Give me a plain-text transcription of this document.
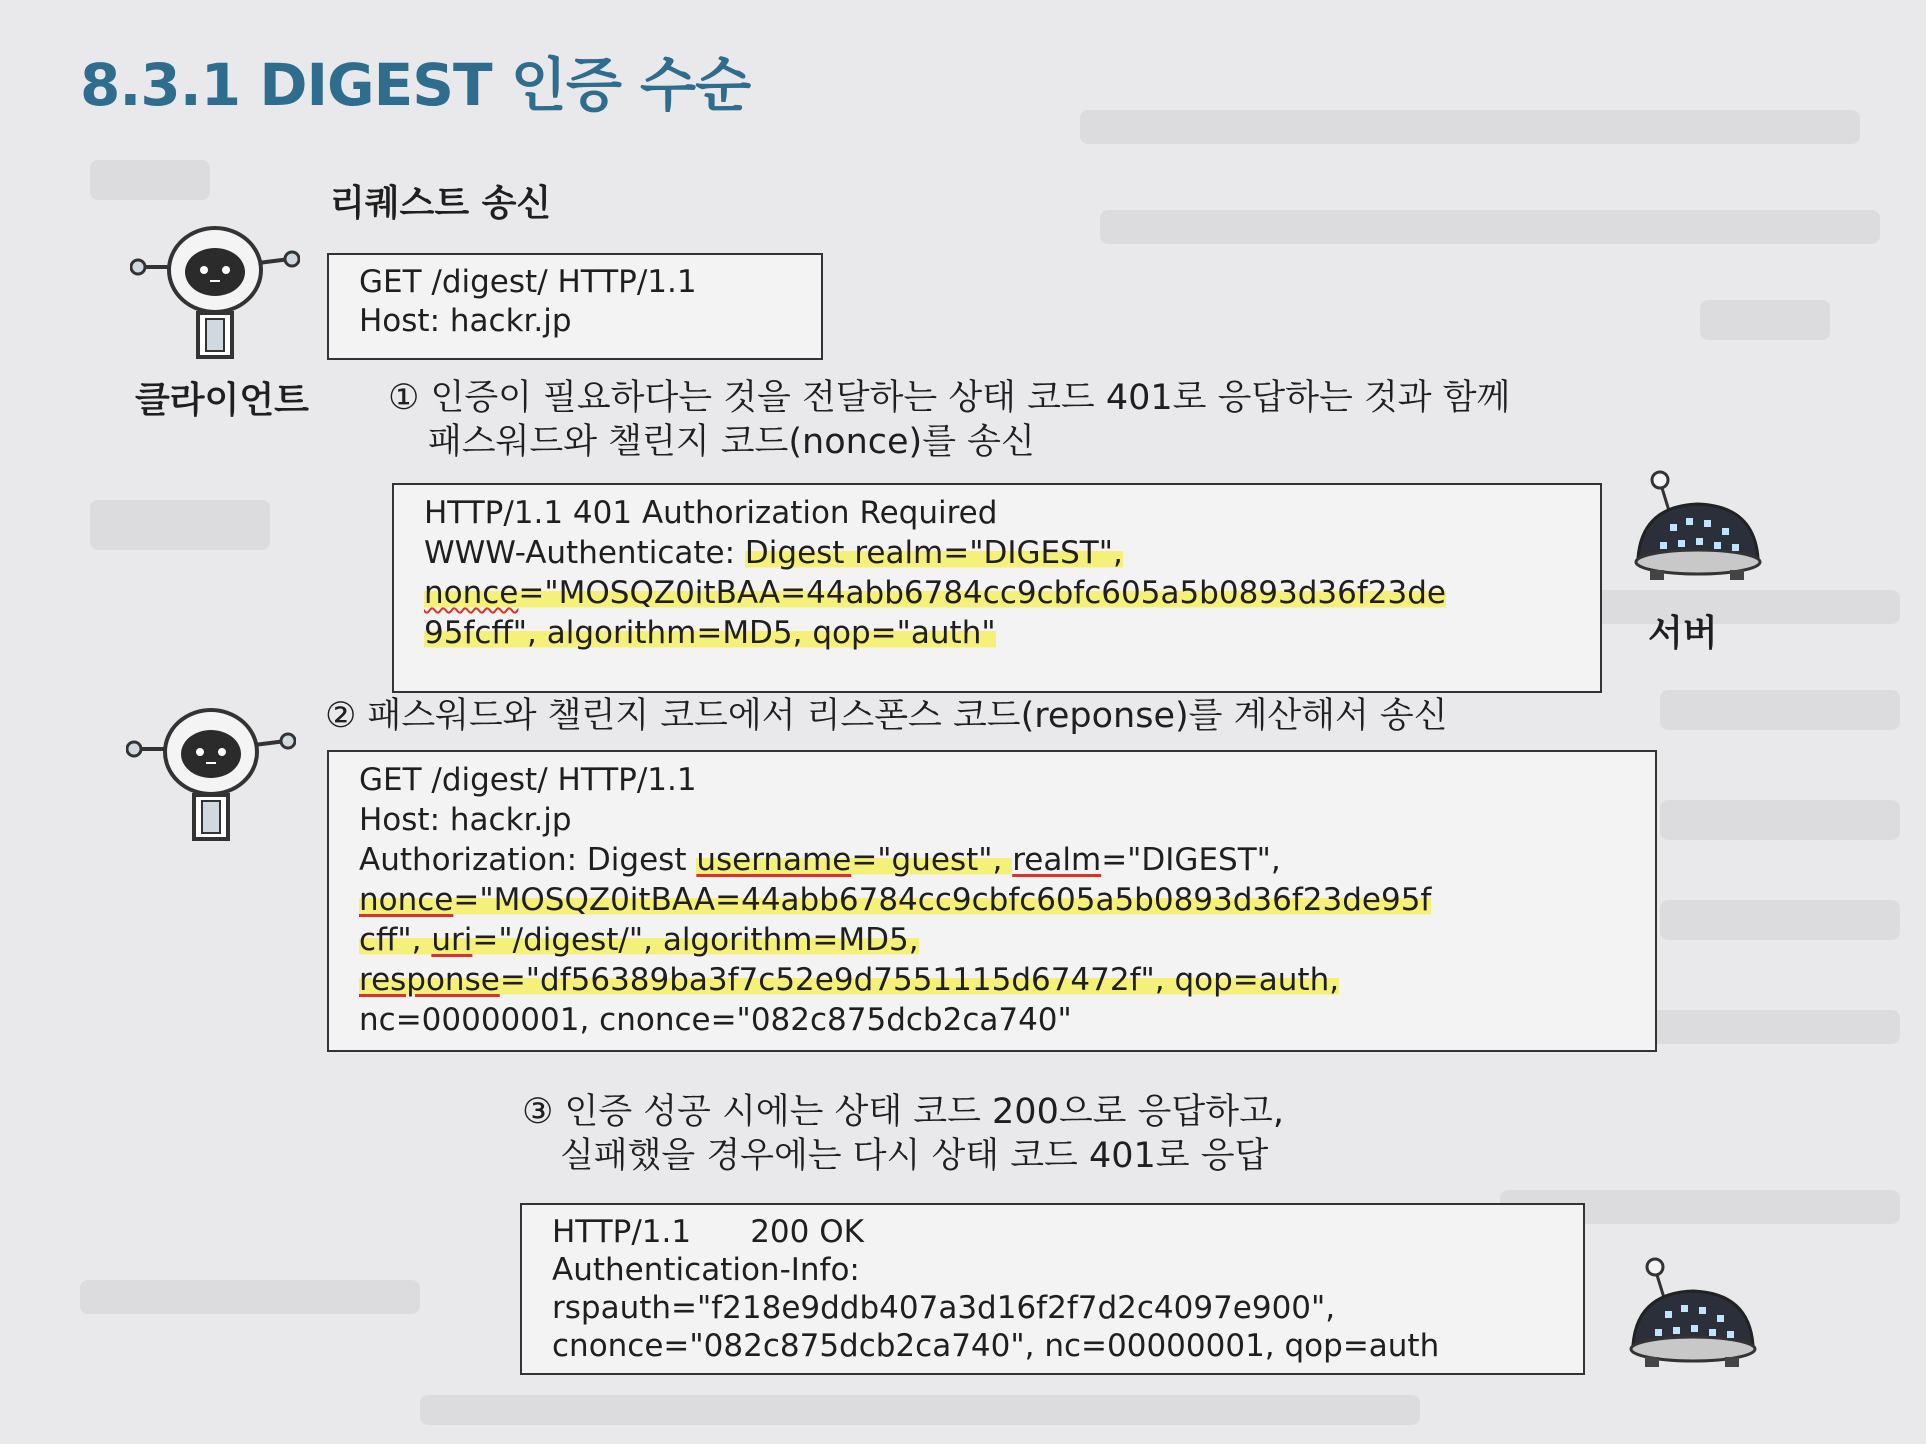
8.3.1 DIGEST 인증 수순
리퀘스트 송신
클라이언트
GET /digest/ HTTP/1.1
Host: hackr.jp
① 인증이 필요하다는 것을 전달하는 상태 코드 401로 응답하는 것과 함께
패스워드와 챌린지 코드(nonce)를 송신
HTTP/1.1 401 Authorization Required
WWW-Authenticate: Digest realm="DIGEST",
nonce="MOSQZ0itBAA=44abb6784cc9cbfc605a5b0893d36f23de
95fcff", algorithm=MD5, qop="auth"	서버
② 패스워드와 챌린지 코드에서 리스폰스 코드(reponse)를 계산해서 송신
GET /digest/ HTTP/1.1
Host: hackr.jp
Authorization: Digest username="guest", realm="DIGEST",
nonce="MOSQZ0itBAA=44abb6784cc9cbfc605a5b0893d36f23de95f
cff", uri="/digest/", algorithm=MD5,
response="df56389ba3f7c52e9d7551115d67472f", qop=auth,
nc=00000001, cnonce="082c875dcb2ca740"
③ 인증 성공 시에는 상태 코드 200으로 응답하고,
실패했을 경우에는 다시 상태 코드 401로 응답
HTTP/1.1      200 OK
Authentication-Info:
rspauth="f218e9ddb407a3d16f2f7d2c4097e900",
cnonce="082c875dcb2ca740", nc=00000001, qop=auth
